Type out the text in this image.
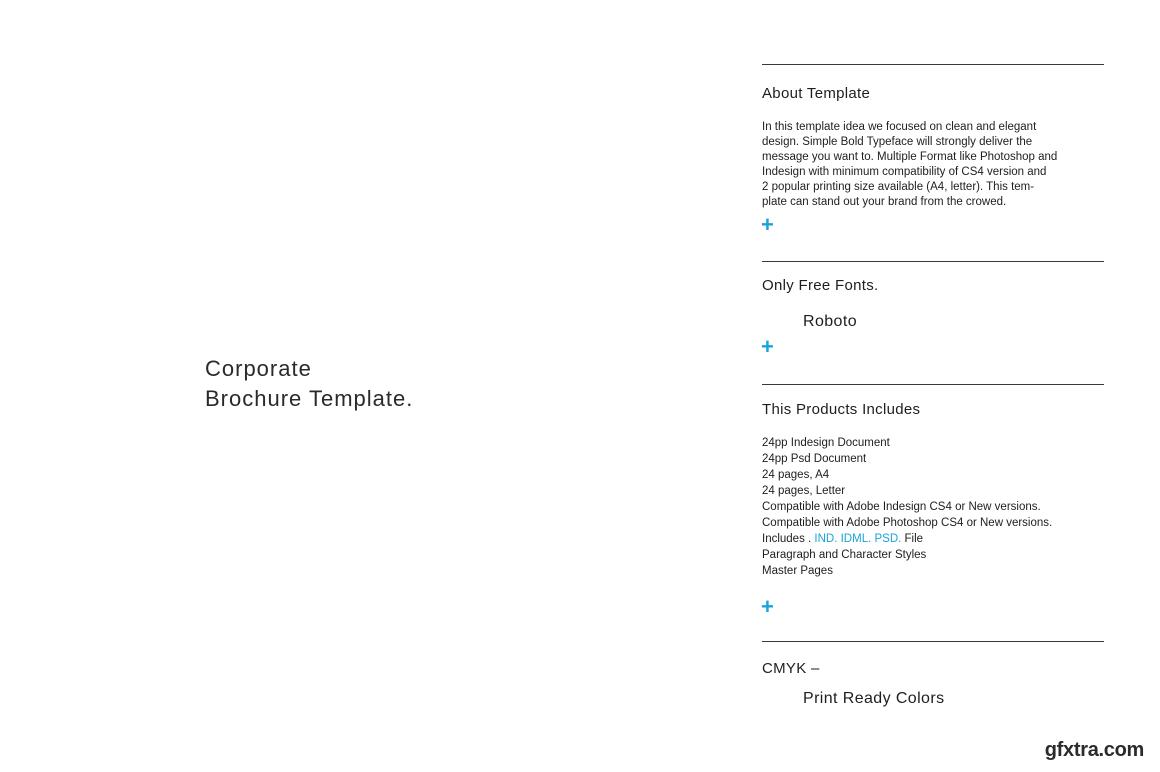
Corporate
Brochure Template.
About Template
In this template idea we focused on clean and elegant
design. Simple Bold Typeface will strongly deliver the
message you want to. Multiple Format like Photoshop and
Indesign with minimum compatibility of CS4 version and
2 popular printing size available (A4, letter). This tem-
plate can stand out your brand from the crowed.
+
Only Free Fonts.
Roboto
+
This Products Includes
24pp Indesign Document
24pp Psd Document
24 pages, A4
24 pages, Letter
Compatible with Adobe Indesign CS4 or New versions.
Compatible with Adobe Photoshop CS4 or New versions.
Includes . IND. IDML. PSD. File
Paragraph and Character Styles
Master Pages
+
CMYK –
Print Ready Colors
gfxtra.com
